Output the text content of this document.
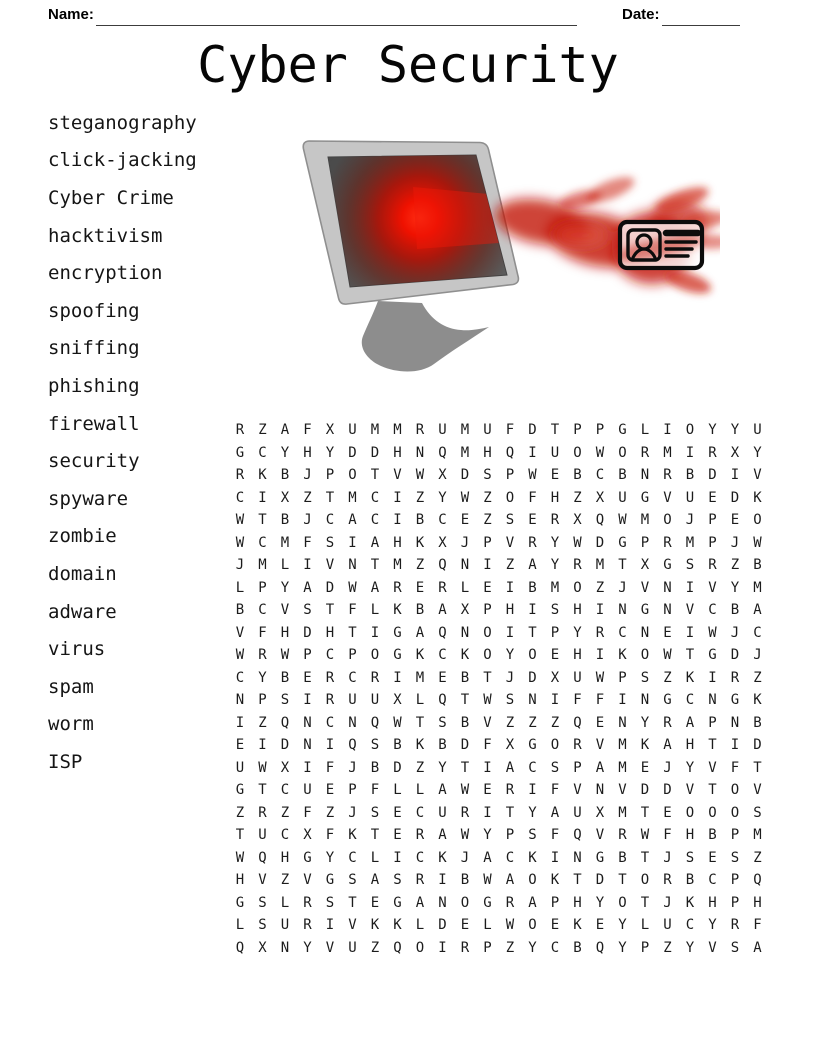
Name:	Date:
Cyber Security
steganography
click-jacking
Cyber Crime
hacktivism
encryption
spoofing
sniffing
phishing
firewall
security
spyware
zombie
domain
adware
virus
spam
worm
ISP
R	Z	A	F	X	U	M	M	R	U	M	U	F	D	T	P	P	G	L	I	O	Y	Y	U
G	C	Y	H	Y	D	D	H	N	Q	M	H	Q	I	U	O	W	O	R	M	I	R	X	Y
R	K	B	J	P	O	T	V	W	X	D	S	P	W	E	B	C	B	N	R	B	D	I	V
C	I	X	Z	T	M	C	I	Z	Y	W	Z	O	F	H	Z	X	U	G	V	U	E	D	K
W	T	B	J	C	A	C	I	B	C	E	Z	S	E	R	X	Q	W	M	O	J	P	E	O
W	C	M	F	S	I	A	H	K	X	J	P	V	R	Y	W	D	G	P	R	M	P	J	W
J	M	L	I	V	N	T	M	Z	Q	N	I	Z	A	Y	R	M	T	X	G	S	R	Z	B
L	P	Y	A	D	W	A	R	E	R	L	E	I	B	M	O	Z	J	V	N	I	V	Y	M
B	C	V	S	T	F	L	K	B	A	X	P	H	I	S	H	I	N	G	N	V	C	B	A
V	F	H	D	H	T	I	G	A	Q	N	O	I	T	P	Y	R	C	N	E	I	W	J	C
W	R	W	P	C	P	O	G	K	C	K	O	Y	O	E	H	I	K	O	W	T	G	D	J
C	Y	B	E	R	C	R	I	M	E	B	T	J	D	X	U	W	P	S	Z	K	I	R	Z
N	P	S	I	R	U	U	X	L	Q	T	W	S	N	I	F	F	I	N	G	C	N	G	K
I	Z	Q	N	C	N	Q	W	T	S	B	V	Z	Z	Z	Q	E	N	Y	R	A	P	N	B
E	I	D	N	I	Q	S	B	K	B	D	F	X	G	O	R	V	M	K	A	H	T	I	D
U	W	X	I	F	J	B	D	Z	Y	T	I	A	C	S	P	A	M	E	J	Y	V	F	T
G	T	C	U	E	P	F	L	L	A	W	E	R	I	F	V	N	V	D	D	V	T	O	V
Z	R	Z	F	Z	J	S	E	C	U	R	I	T	Y	A	U	X	M	T	E	O	O	O	S
T	U	C	X	F	K	T	E	R	A	W	Y	P	S	F	Q	V	R	W	F	H	B	P	M
W	Q	H	G	Y	C	L	I	C	K	J	A	C	K	I	N	G	B	T	J	S	E	S	Z
H	V	Z	V	G	S	A	S	R	I	B	W	A	O	K	T	D	T	O	R	B	C	P	Q
G	S	L	R	S	T	E	G	A	N	O	G	R	A	P	H	Y	O	T	J	K	H	P	H
L	S	U	R	I	V	K	K	L	D	E	L	W	O	E	K	E	Y	L	U	C	Y	R	F
Q	X	N	Y	V	U	Z	Q	O	I	R	P	Z	Y	C	B	Q	Y	P	Z	Y	V	S	A
